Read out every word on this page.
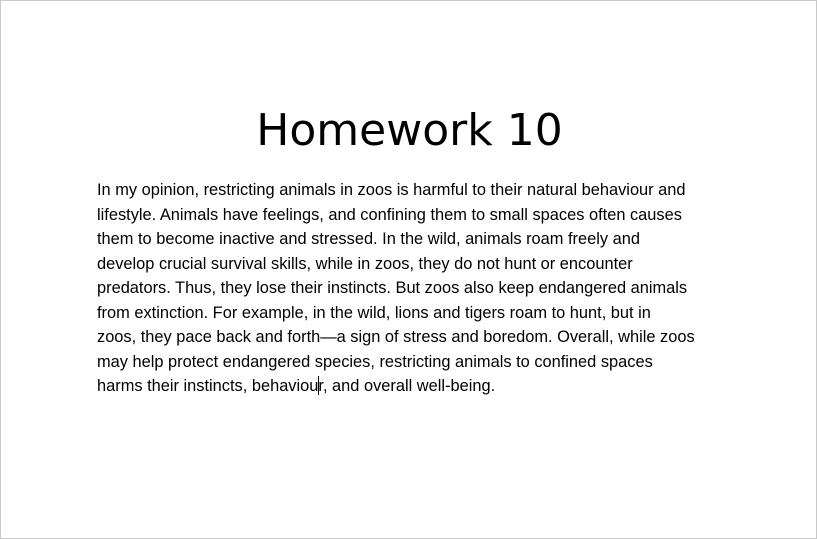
Homework 10
In my opinion, restricting animals in zoos is harmful to their natural behaviour and
lifestyle. Animals have feelings, and confining them to small spaces often causes
them to become inactive and stressed. In the wild, animals roam freely and
develop crucial survival skills, while in zoos, they do not hunt or encounter
predators. Thus, they lose their instincts. But zoos also keep endangered animals
from extinction. For example, in the wild, lions and tigers roam to hunt, but in
zoos, they pace back and forth—a sign of stress and boredom. Overall, while zoos
may help protect endangered species, restricting animals to confined spaces
harms their instincts, behaviour, and overall well-being.
